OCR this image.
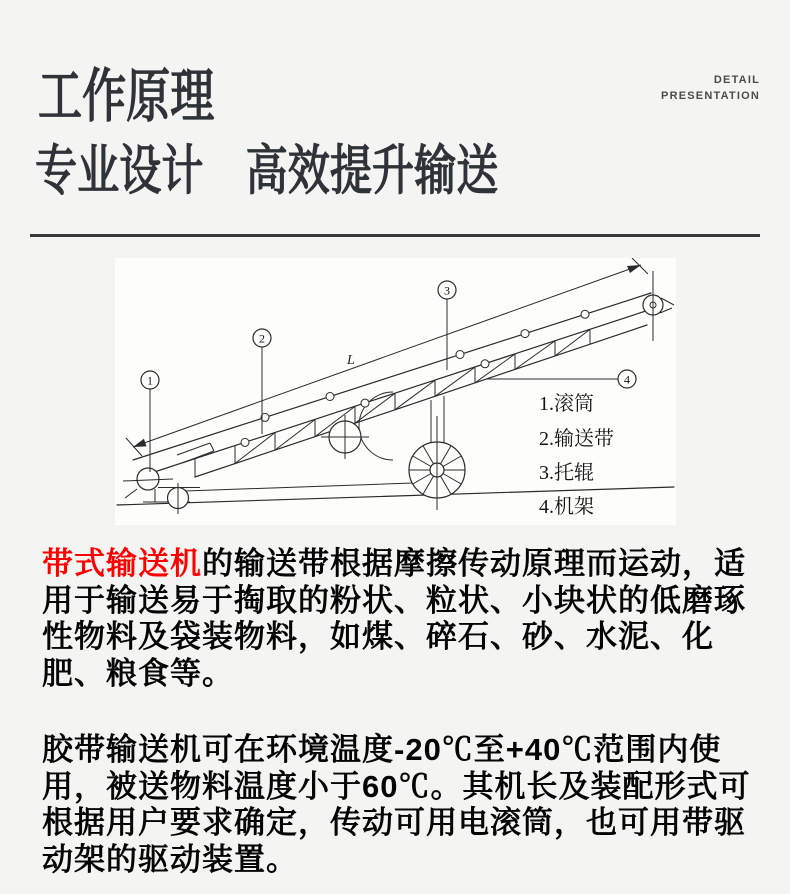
工作原理	DETAIL
PRESENTATION
专业设计　高效提升输送
L
1
2
3
4
1.滚筒
2.输送带
3.托辊
4.机架

带式输送机的输送带根据摩擦传动原理而运动，适用于输送易于掏取的粉状、粒状、小块状的低磨琢性物料及袋装物料，如煤、碎石、砂、水泥、化肥、粮食等。

胶带输送机可在环境温度-20℃至+40℃范围内使用，被送物料温度小于60℃。其机长及装配形式可根据用户要求确定，传动可用电滚筒，也可用带驱动架的驱动装置。
